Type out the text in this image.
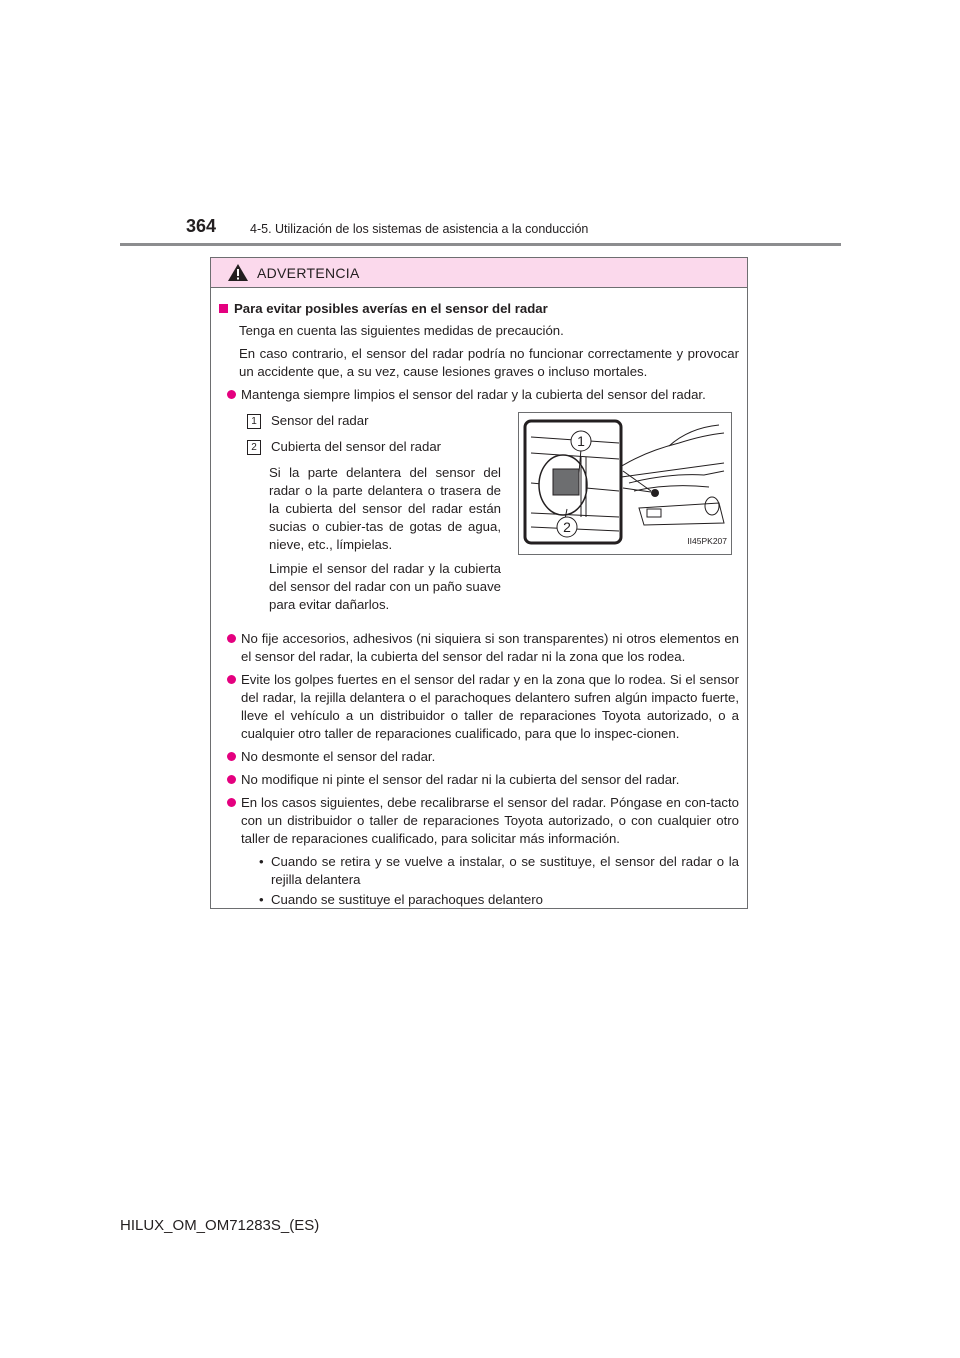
364	4-5. Utilización de los sistemas de asistencia a la conducción
ADVERTENCIA
Para evitar posibles averías en el sensor del radar

Tenga en cuenta las siguientes medidas de precaución.

En caso contrario, el sensor del radar podría no funcionar correctamente y provocar un accidente que, a su vez, cause lesiones graves o incluso mortales.

Mantenga siempre limpios el sensor del radar y la cubierta del sensor del radar.
1	Sensor del radar
2	Cubierta del sensor del radar

Si la parte delantera del sensor del radar o la parte delantera o trasera de la cubierta del sensor del radar están sucias o cubier-tas de gotas de agua, nieve, etc., límpielas.

Limpie el sensor del radar y la cubierta del sensor del radar con un paño suave para evitar dañarlos.

1
2
II45PK207
No fije accesorios, adhesivos (ni siquiera si son transparentes) ni otros elementos en el sensor del radar, la cubierta del sensor del radar ni la zona que los rodea.
Evite los golpes fuertes en el sensor del radar y en la zona que lo rodea. Si el sensor del radar, la rejilla delantera o el parachoques delantero sufren algún impacto fuerte, lleve el vehículo a un distribuidor o taller de reparaciones Toyota autorizado, o a cualquier otro taller de reparaciones cualificado, para que lo inspec-cionen.
No desmonte el sensor del radar.
No modifique ni pinte el sensor del radar ni la cubierta del sensor del radar.
En los casos siguientes, debe recalibrarse el sensor del radar. Póngase en con-tacto con un distribuidor o taller de reparaciones Toyota autorizado, o con cualquier otro taller de reparaciones cualificado, para solicitar más información.
• Cuando se retira y se vuelve a instalar, o se sustituye, el sensor del radar o la rejilla delantera
• Cuando se sustituye el parachoques delantero
HILUX_OM_OM71283S_(ES)
